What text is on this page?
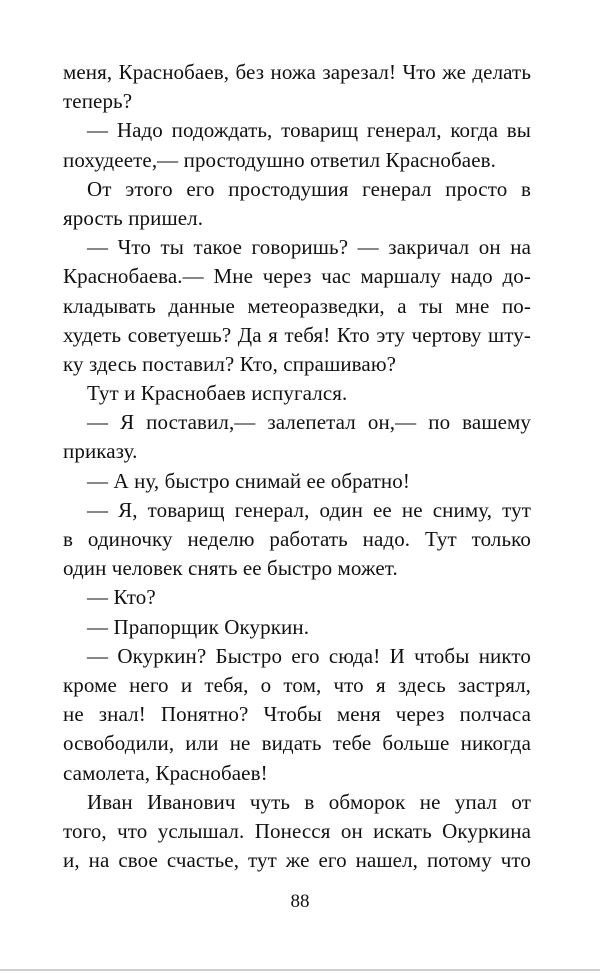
меня, Краснобаев, без ножа зарезал! Что же делать
теперь?
— Надо подождать, товарищ генерал, когда вы
похудеете,— простодушно ответил Краснобаев.
От этого его простодушия генерал просто в
ярость пришел.
— Что ты такое говоришь? — закричал он на
Краснобаева.— Мне через час маршалу надо до-
кладывать данные метеоразведки, а ты мне по-
худеть советуешь? Да я тебя! Кто эту чертову шту-
ку здесь поставил? Кто, спрашиваю?
Тут и Краснобаев испугался.
— Я поставил,— залепетал он,— по вашему
приказу.
— А ну, быстро снимай ее обратно!
— Я, товарищ генерал, один ее не сниму, тут
в одиночку неделю работать надо. Тут только
один человек снять ее быстро может.
— Кто?
— Прапорщик Окуркин.
— Окуркин? Быстро его сюда! И чтобы никто
кроме него и тебя, о том, что я здесь застрял,
не знал! Понятно? Чтобы меня через полчаса
освободили, или не видать тебе больше никогда
самолета, Краснобаев!
Иван Иванович чуть в обморок не упал от
того, что услышал. Понесся он искать Окуркина
и, на свое счастье, тут же его нашел, потому что
88
